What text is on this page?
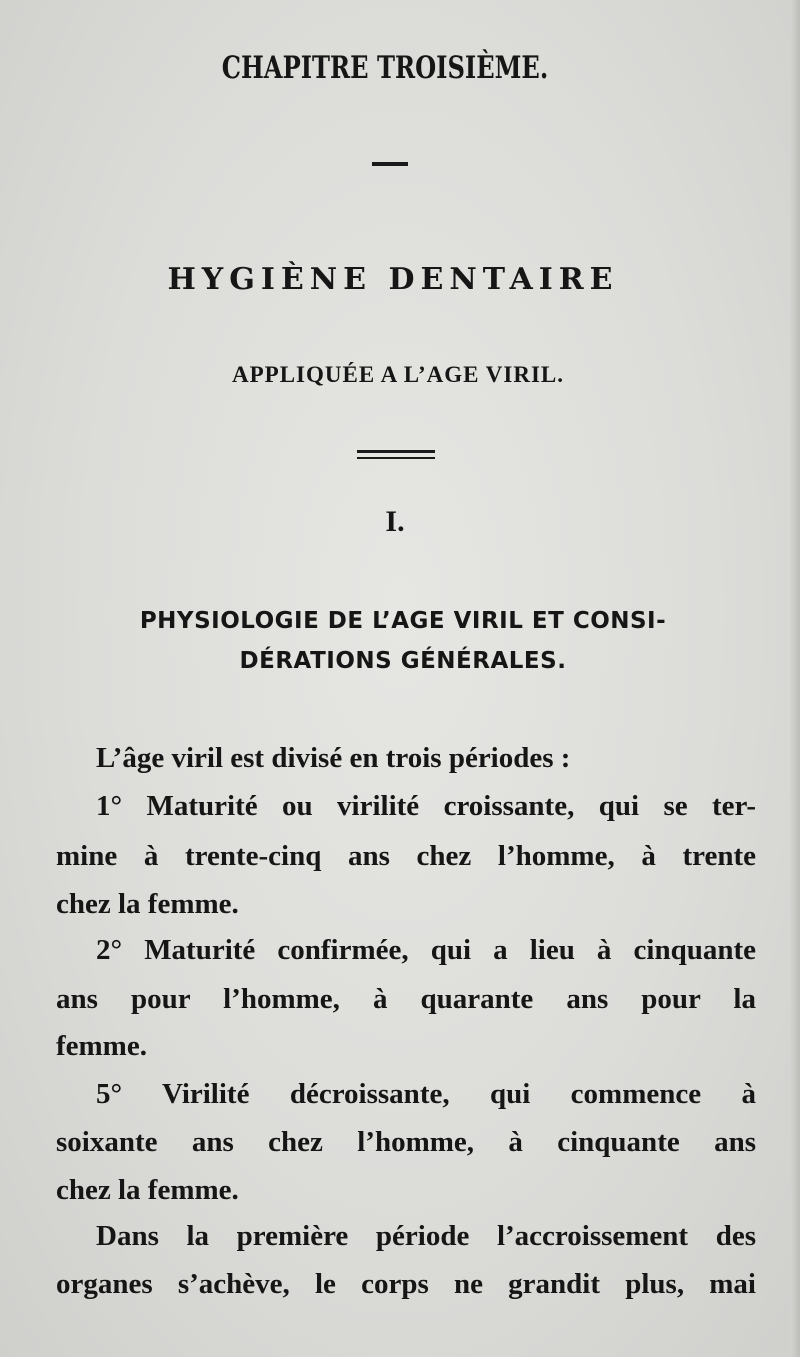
CHAPITRE TROISIÈME.
HYGIÈNE DENTAIRE
APPLIQUÉE A L’AGE VIRIL.
I.
PHYSIOLOGIE DE L’AGE VIRIL ET CONSI-
DÉRATIONS GÉNÉRALES.
L’âge viril est divisé en trois périodes :
1° Maturité ou virilité croissante, qui se ter-
mine à trente-cinq ans chez l’homme, à trente
chez la femme.
2° Maturité confirmée, qui a lieu à cinquante
ans pour l’homme, à quarante ans pour la
femme.
5° Virilité décroissante, qui commence à
soixante ans chez l’homme, à cinquante ans
chez la femme.
Dans la première période l’accroissement des
organes s’achève, le corps ne grandit plus, mai
